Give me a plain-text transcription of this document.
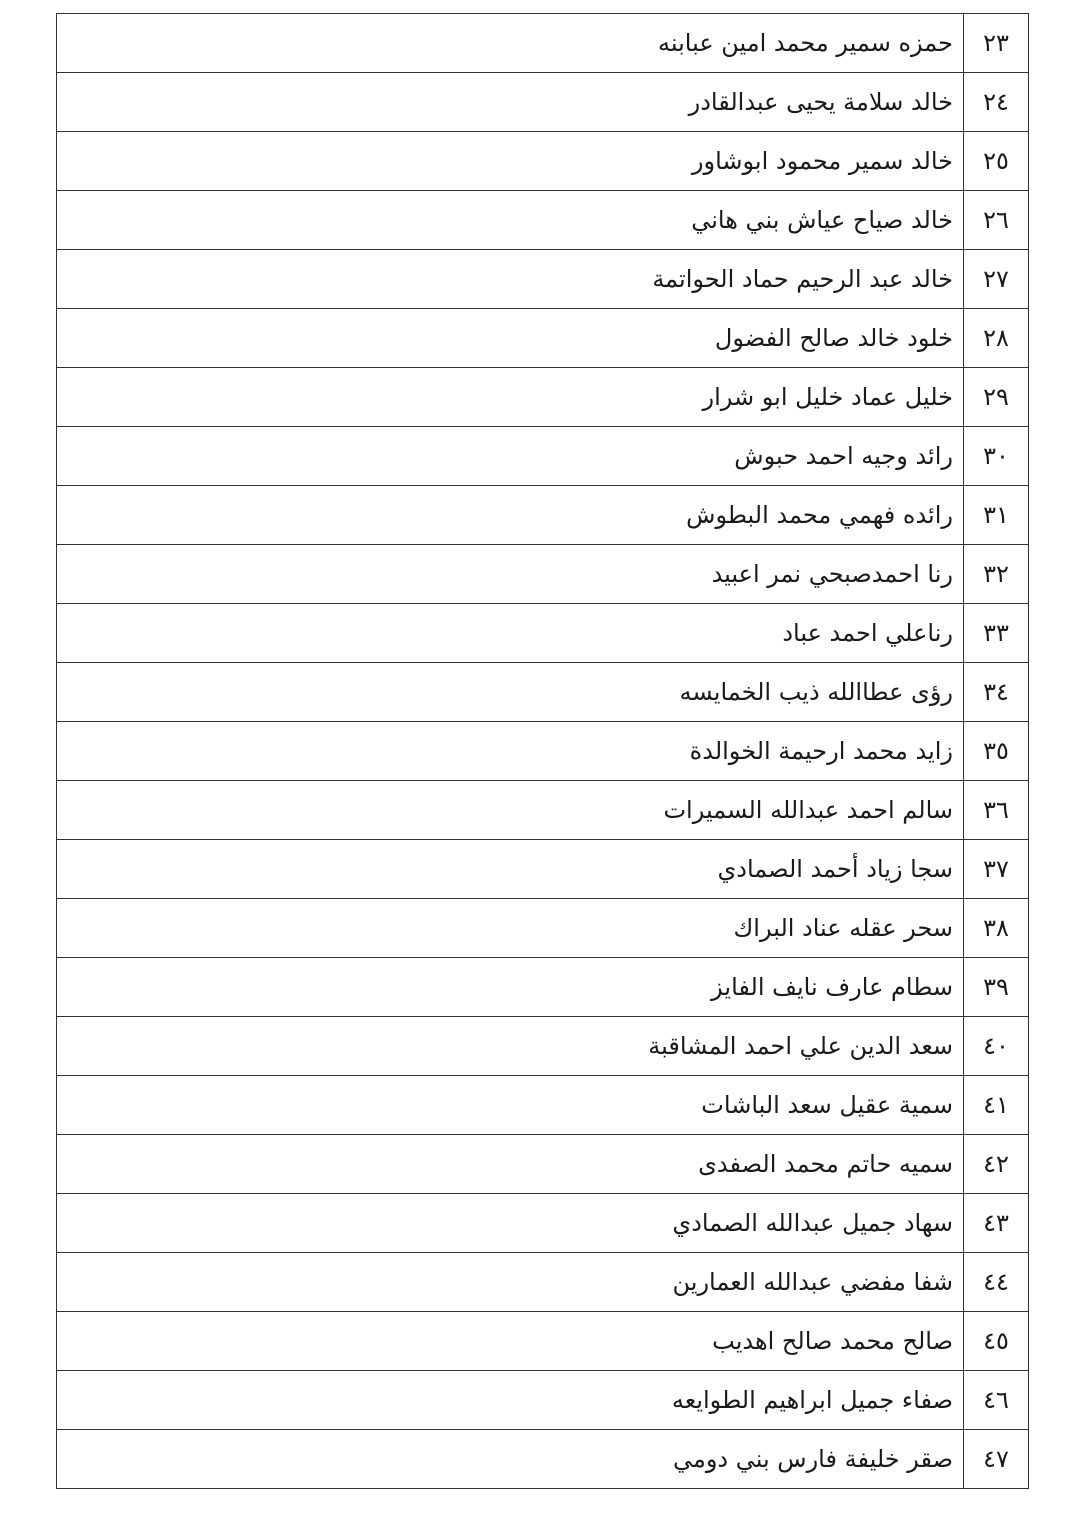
٢٣	حمزه سمير محمد امين عبابنه
٢٤	خالد سلامة يحيى عبدالقادر
٢٥	خالد سمير محمود ابوشاور
٢٦	خالد صياح عياش بني هاني
٢٧	خالد عبد الرحيم حماد الحواتمة
٢٨	خلود خالد صالح الفضول
٢٩	خليل عماد خليل ابو شرار
٣٠	رائد وجيه احمد حبوش
٣١	رائده فهمي محمد البطوش
٣٢	رنا احمدصبحي نمر اعبيد
٣٣	رناعلي احمد عباد
٣٤	رؤى عطاالله ذيب الخمايسه
٣٥	زايد محمد ارحيمة الخوالدة
٣٦	سالم احمد عبدالله السميرات
٣٧	سجا زياد أحمد الصمادي
٣٨	سحر عقله عناد البراك
٣٩	سطام عارف نايف الفايز
٤٠	سعد الدين علي احمد المشاقبة
٤١	سمية عقيل سعد الباشات
٤٢	سميه حاتم محمد الصفدى
٤٣	سهاد جميل عبدالله الصمادي
٤٤	شفا مفضي عبدالله العمارين
٤٥	صالح محمد صالح اهديب
٤٦	صفاء جميل ابراهيم الطوايعه
٤٧	صقر خليفة فارس بني دومي
